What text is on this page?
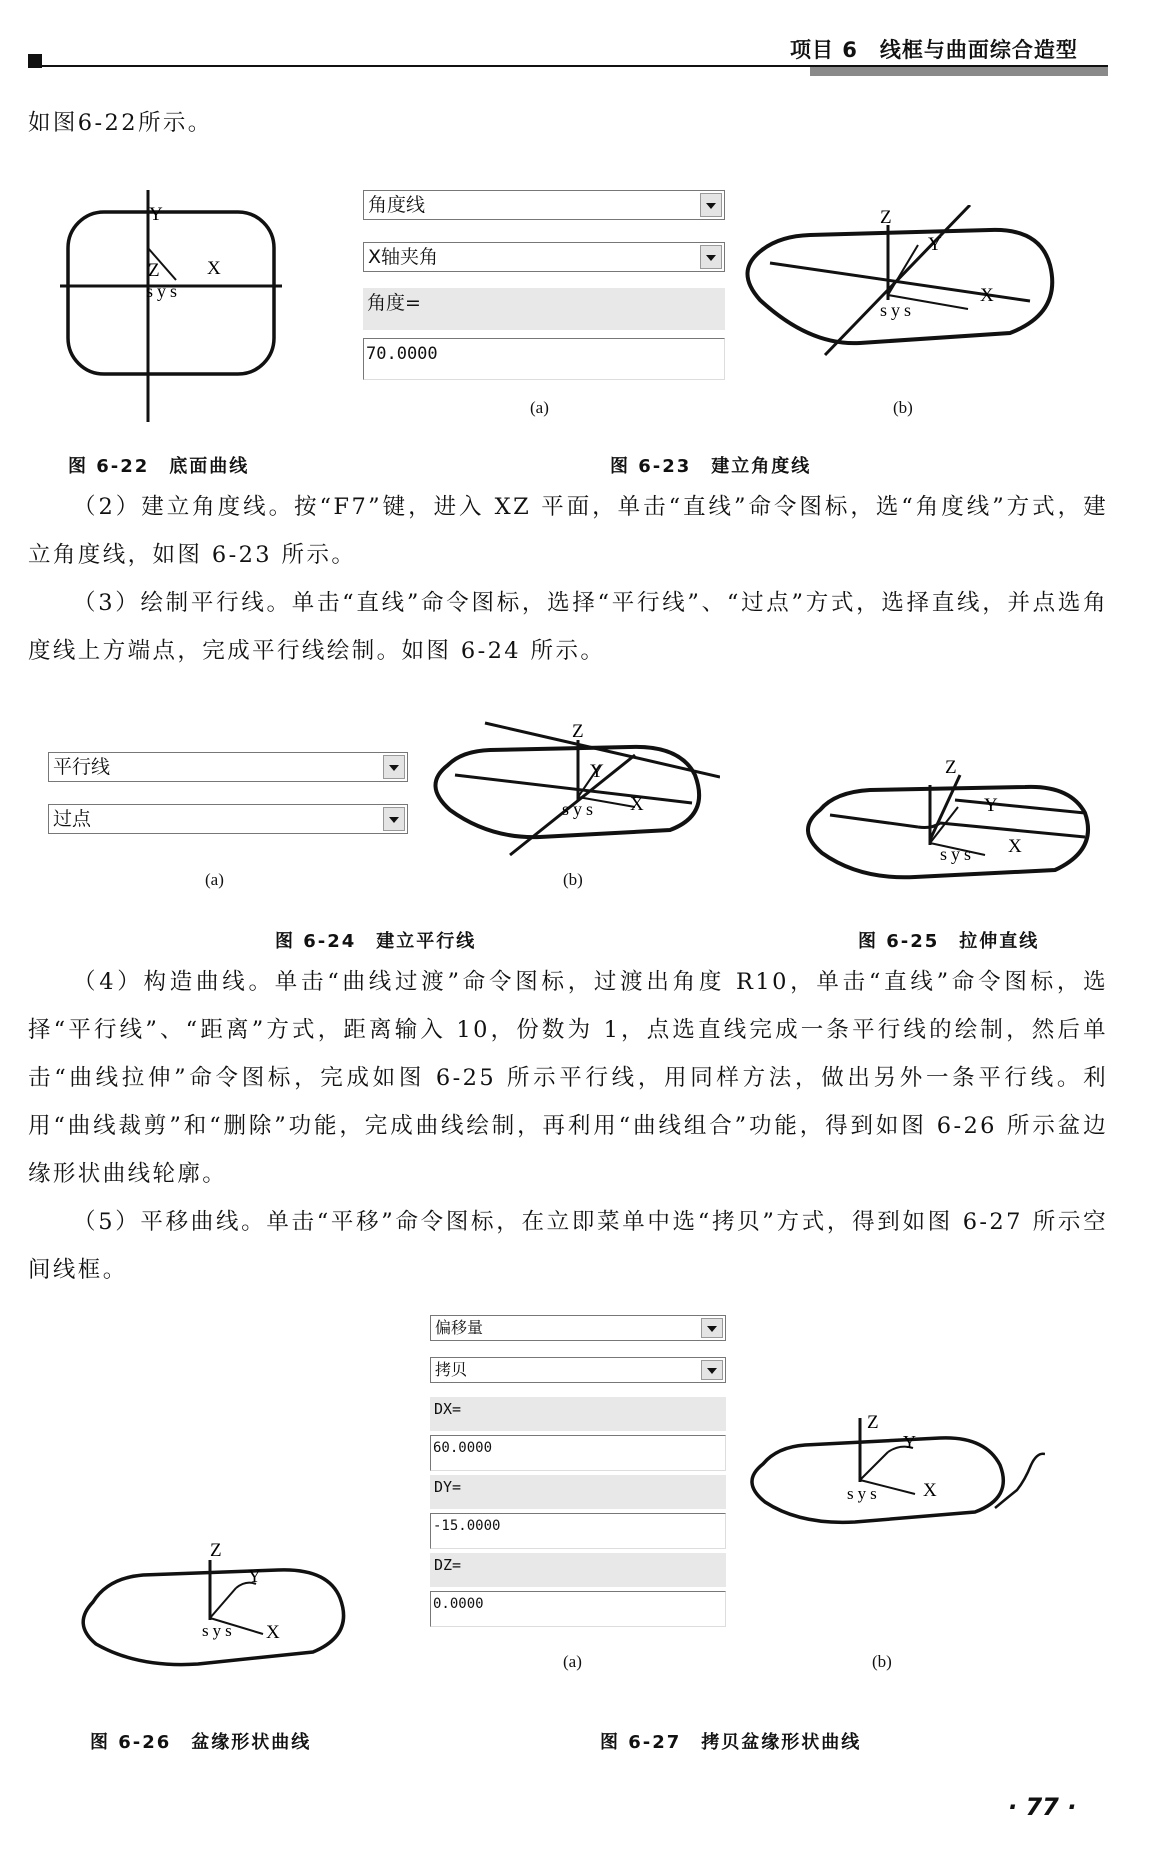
项目 6　线框与曲面综合造型
如图6-22所示。
Y
X
Z
sys
图 6-22　底面曲线
角度线
X轴夹角
角度=
70.0000
(a)
Z
Y
X
sys
(b)
图 6-23　建立角度线

（2）建立角度线。按“F7”键，进入 XZ 平面，单击“直线”命令图标，选“角度线”方式，建立角度线，如图 6-23 所示。

（3）绘制平行线。单击“直线”命令图标，选择“平行线”、“过点”方式，选择直线，并点选角度线上方端点，完成平行线绘制。如图 6-24 所示。

平行线
过点
(a)
Z
Y
X
sys
(b)
Z
Y
X
sys
图 6-24　建立平行线	图 6-25　拉伸直线

（4）构造曲线。单击“曲线过渡”命令图标，过渡出角度 R10，单击“直线”命令图标，选择“平行线”、“距离”方式，距离输入 10，份数为 1，点选直线完成一条平行线的绘制，然后单击“曲线拉伸”命令图标，完成如图 6-25 所示平行线，用同样方法，做出另外一条平行线。利用“曲线裁剪”和“删除”功能，完成曲线绘制，再利用“曲线组合”功能，得到如图 6-26 所示盆边缘形状曲线轮廓。

（5）平移曲线。单击“平移”命令图标，在立即菜单中选“拷贝”方式，得到如图 6-27 所示空间线框。

偏移量
拷贝
DX=
60.0000
DY=
-15.0000
DZ=
0.0000
(a)
Z
Y
X
sys
(b)
Z
Y
X
sys
图 6-26　盆缘形状曲线	图 6-27　拷贝盆缘形状曲线
· 77 ·
